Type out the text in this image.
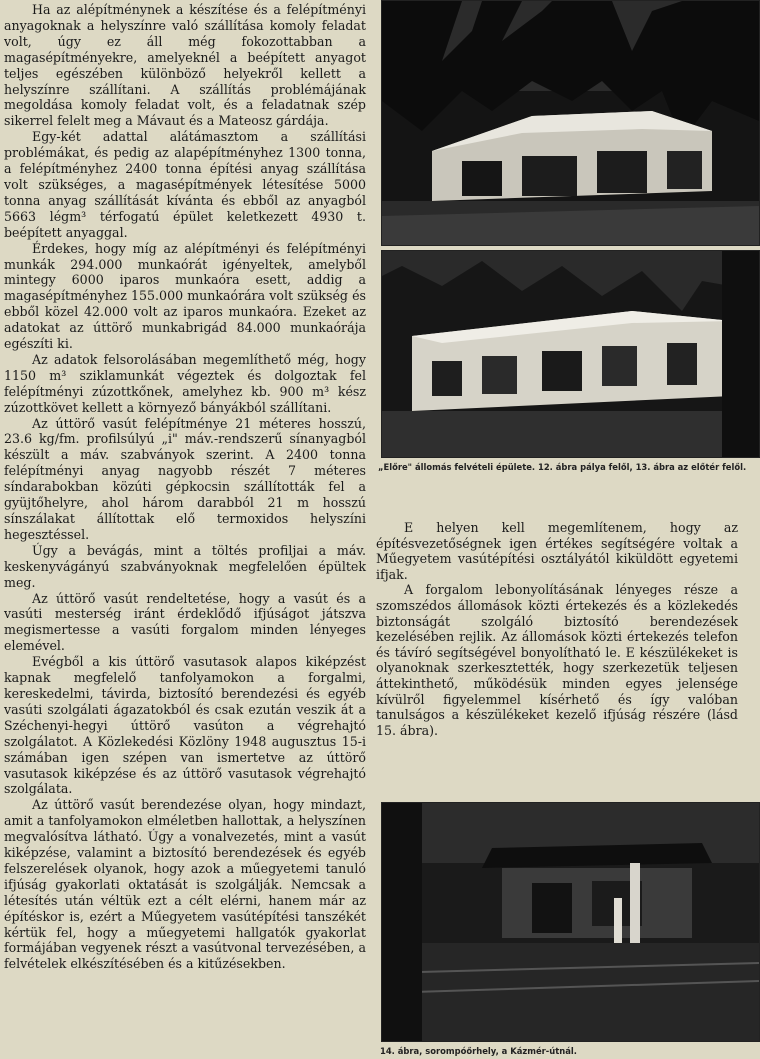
Ha az alépítménynek a készítése és a felépítményi anyagoknak a helyszínre való szállítása komoly feladat volt, úgy ez áll még fokozottabban a magasépítményekre, amelyeknél a beépített anyagot teljes egészében különböző helyekről kellett a helyszínre szállítani. A szállítás problémájának megoldása komoly feladat volt, és a feladatnak szép sikerrel felelt meg a Mávaut és a Mateosz gárdája.

Egy-két adattal alátámasztom a szállítási problémákat, és pedig az alapépítményhez 1300 tonna, a felépítményhez 2400 tonna építési anyag szállítása volt szükséges, a magasépítmények létesítése 5000 tonna anyag szállítását kívánta és ebből az anyagból 5663 légm³ térfogatú épület keletkezett 4930 t. beépített anyaggal.

Érdekes, hogy míg az alépítményi és felépítményi munkák 294.000 munkaórát igényeltek, amelyből mintegy 6000 iparos munkaóra esett, addig a magasépítményhez 155.000 munkaórára volt szükség és ebből közel 42.000 volt az iparos munkaóra. Ezeket az adatokat az úttörő munkabrigád 84.000 munkaórája egészíti ki.

Az adatok felsorolásában megemlíthető még, hogy 1150 m³ sziklamunkát végeztek és dolgoztak fel felépítményi zúzottkőnek, amelyhez kb. 900 m³ kész zúzottkövet kellett a környező bányákból szállítani.

Az úttörő vasút felépítménye 21 méteres hosszú, 23.6 kg/fm. profilsúlyú „i" máv.-rendszerű sínanyagból készült a máv. szabványok szerint. A 2400 tonna felépítményi anyag nagyobb részét 7 méteres síndarabokban közúti gépkocsin szállították fel a gyüjtőhelyre, ahol három darabból 21 m hosszú sínszálakat állítottak elő termoxidos helyszíni hegesztéssel.

Úgy a bevágás, mint a töltés profiljai a máv. keskenyvágányú szabványoknak megfelelően épültek meg.

Az úttörő vasút rendeltetése, hogy a vasút és a vasúti mesterség iránt érdeklődő ifjúságot játszva megismertesse a vasúti forgalom minden lényeges elemével.

Evégből a kis úttörő vasutasok alapos kiképzést kapnak megfelelő tanfolyamokon a forgalmi, kereskedelmi, távirda, biztosító berendezési és egyéb vasúti szolgálati ágazatokból és csak ezután veszik át a Széchenyi-hegyi úttörő vasúton a végrehajtó szolgálatot. A Közlekedési Közlöny 1948 augusztus 15-i számában igen szépen van ismertetve az úttörő vasutasok kiképzése és az úttörő vasutasok végrehajtó szolgálata.

Az úttörő vasút berendezése olyan, hogy mindazt, amit a tanfolyamokon elméletben hallottak, a helyszínen megvalósítva látható. Úgy a vonalvezetés, mint a vasút kiképzése, valamint a biztosító berendezések és egyéb felszerelések olyanok, hogy azok a műegyetemi tanuló ifjúság gyakorlati oktatását is szolgálják. Nemcsak a létesítés után véltük ezt a célt elérni, hanem már az építéskor is, ezért a Műegyetem vasútépítési tanszékét kértük fel, hogy a műegyetemi hallgatók gyakorlat formájában vegyenek részt a vasútvonal tervezésében, a felvételek elkészítésében és a kitűzésekben.

„Előre" állomás felvételi épülete. 12. ábra pálya felől, 13. ábra az előtér felől.

E helyen kell megemlítenem, hogy az építésvezetőségnek igen értékes segítségére voltak a Műegyetem vasútépítési osztályától kiküldött egyetemi ifjak.

A forgalom lebonyolításának lényeges része a szomszédos állomások közti értekezés és a közlekedés biztonságát szolgáló biztosító berendezések kezelésében rejlik. Az állomások közti értekezés telefon és távíró segítségével bonyolítható le. E készülékeket is olyanoknak szerkesztették, hogy szerkezetük teljesen áttekinthető, működésük minden egyes jelensége kívülről figyelemmel kísérhető és így valóban tanulságos a készülékeket kezelő ifjúság részére (lásd 15. ábra).

14. ábra, sorompóőrhely, a Kázmér-útnál.
